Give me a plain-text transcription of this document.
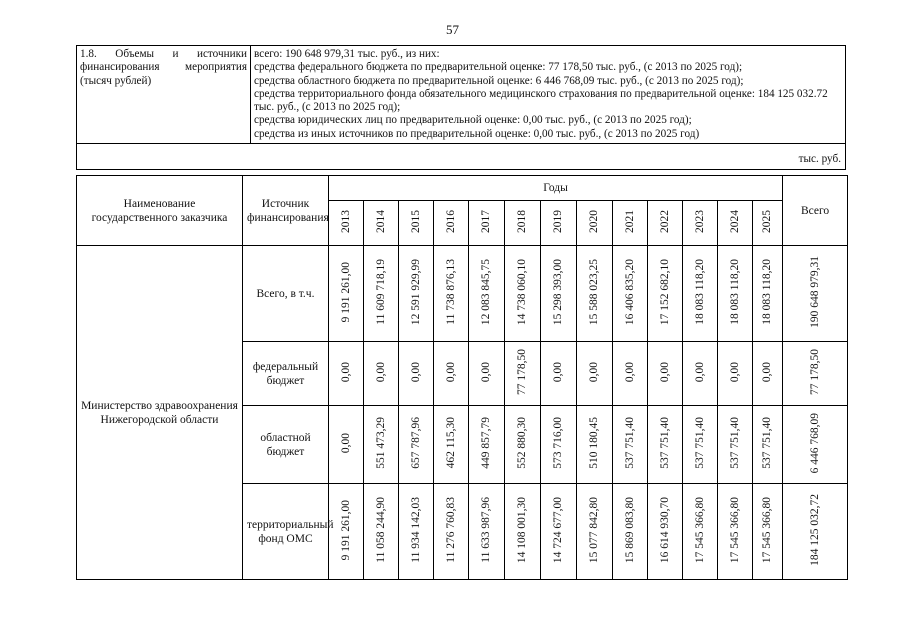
57
1.8. Объемы и источники финансирования мероприятия (тысяч рублей)	
всего: 190 648 979,31 тыс. руб., из них:
средства федерального бюджета по предварительной оценке: 77 178,50 тыс. руб., (с 2013 по 2025 год);
средства областного бюджета по предварительной оценке: 6 446 768,09 тыс. руб., (с 2013 по 2025 год);
средства территориального фонда обязательного медицинского страхования по предварительной оценке: 184 125 032.72 тыс. руб., (с 2013 по 2025 год);
средства юридических лиц по предварительной оценке: 0,00 тыс. руб., (с 2013 по 2025 год);
средства из иных источников по предварительной оценке: 0,00 тыс. руб., (с 2013 по 2025 год)

тыс. руб.
Наименование государственного заказчика	Источник финансирования	Годы													Всего
		2013	2014	2015	2016	2017	2018	2019	2020	2021	2022	2023	2024	2025	
Министерство здравоохранения Нижегородской области	Всего, в т.ч.	9 191 261,00	11 609 718,19	12 591 929,99	11 738 876,13	12 083 845,75	14 738 060,10	15 298 393,00	15 588 023,25	16 406 835,20	17 152 682,10	18 083 118,20	18 083 118,20	18 083 118,20	190 648 979,31
	федеральный бюджет	0,00	0,00	0,00	0,00	0,00	77 178,50	0,00	0,00	0,00	0,00	0,00	0,00	0,00	77 178,50
	областной бюджет	0,00	551 473,29	657 787,96	462 115,30	449 857,79	552 880,30	573 716,00	510 180,45	537 751,40	537 751,40	537 751,40	537 751,40	537 751,40	6 446 768,09
	территориальный фонд ОМС	9 191 261,00	11 058 244,90	11 934 142,03	11 276 760,83	11 633 987,96	14 108 001,30	14 724 677,00	15 077 842,80	15 869 083,80	16 614 930,70	17 545 366,80	17 545 366,80	17 545 366,80	184 125 032,72
